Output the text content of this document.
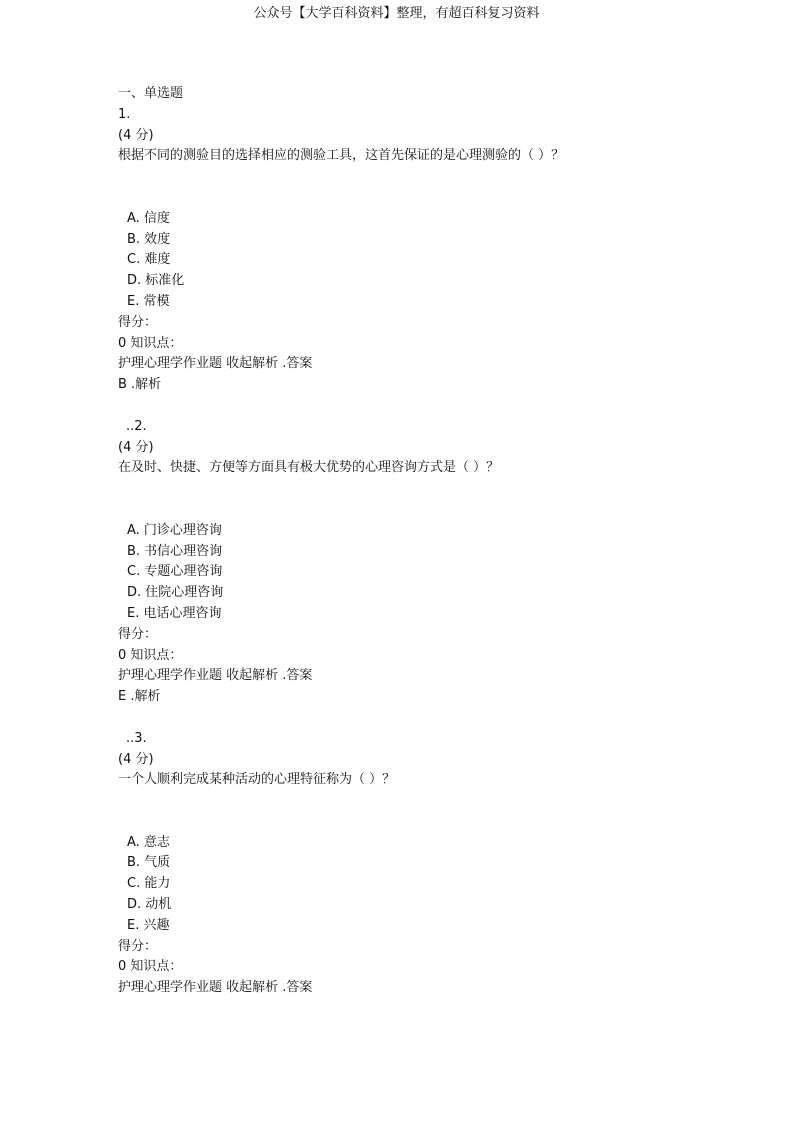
公众号【大学百科资料】整理，有超百科复习资料
一、单选题
1.
(4 分)
根据不同的测验目的选择相应的测验工具，这首先保证的是心理测验的（ ）？
A. 信度
B. 效度
C. 难度
D. 标准化
E. 常模
得分：
0 知识点：
护理心理学作业题 收起解析 .答案
B .解析
..2.
(4 分)
在及时、快捷、方便等方面具有极大优势的心理咨询方式是（ ）？
A. 门诊心理咨询
B. 书信心理咨询
C. 专题心理咨询
D. 住院心理咨询
E. 电话心理咨询
得分：
0 知识点：
护理心理学作业题 收起解析 .答案
E .解析
..3.
(4 分)
一个人顺利完成某种活动的心理特征称为（ ）？
A. 意志
B. 气质
C. 能力
D. 动机
E. 兴趣
得分：
0 知识点：
护理心理学作业题 收起解析 .答案
